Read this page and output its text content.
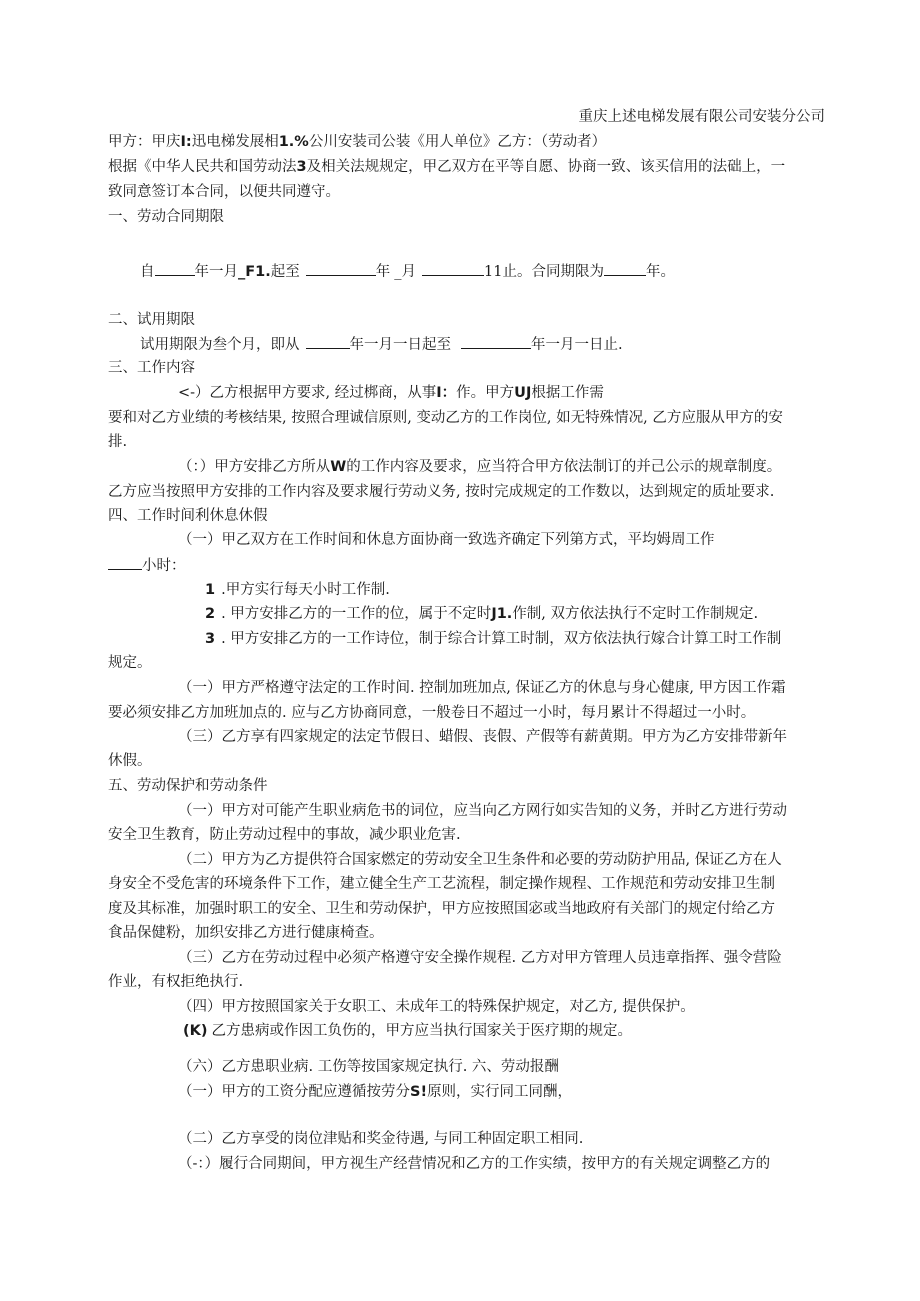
重庆上述电梯发展有限公司安装分公司
甲方：甲庆I:迅电梯发展相1.%公川安装司公装《用人单位》乙方：（劳动者）
根据《中华人民共和国劳动法3及相关法规规定，甲乙双方在平等自愿、协商一致、该买信用的法础上，一
致同意签订本合同，以便共同遵守。
一、劳动合同期限
自	年一月_F1.起至	年 _月	11止。合同期限为	年。
二、试用期限
试用期限为叁个月，即从	年一月一日起至	年一月一日止.
三、工作内容
<-）乙方根据甲方要求, 经过梆商，从事I：作。甲方UJ根据工作需
要和对乙方业绩的考核结果, 按照合理诚信原则, 变动乙方的工作岗位, 如无特殊情况, 乙方应服从甲方的安
排.
（：）甲方安排乙方所从W的工作内容及要求，应当符合甲方依法制订的并己公示的规章制度。
乙方应当按照甲方安排的工作内容及要求履行劳动义务, 按时完成规定的工作数以，达到规定的质址要求.
四、工作时间利休息休假
（一）甲乙双方在工作时间和休息方面协商一致选齐确定下列第方式，平均姆周工作
小时：
1 .甲方实行每天小时工作制.
2 . 甲方安排乙方的一工作的位，属于不定时J1.作制, 双方依法执行不定时工作制规定.
3 . 甲方安排乙方的一工作诗位，制于综合计算工时制，双方依法执行嫁合计算工时工作制
规定。
（一）甲方严格遵守法定的工作时间. 控制加班加点, 保证乙方的休息与身心健康, 甲方因工作霜
要必须安排乙方加班加点的. 应与乙方协商同意，一般卷日不超过一小时，每月累计不得超过一小时。
（三）乙方享有四家规定的法定节假日、蜡假、丧假、产假等有薪黄期。甲方为乙方安排带新年
休假。
五、劳动保护和劳动条件
（一）甲方对可能产生职业病危书的词位，应当向乙方网行如实告知的义务，并时乙方进行劳动
安全卫生教育，防止劳动过程中的事故，减少职业危害.
（二）甲方为乙方提供符合国家燃定的劳动安全卫生条件和必要的劳动防护用品, 保证乙方在人
身安全不受危害的环境条件下工作，建立健全生产工艺流程，制定操作规程、工作规范和劳动安排卫生制
度及其标准，加强时职工的安全、卫生和劳动保护，甲方应按照国宓或当地政府有关部门的规定付给乙方
食品保健粉，加织安排乙方进行健康椅查。
（三）乙方在劳动过程中必须产格遵守安全操作规程. 乙方对甲方管理人员违章指挥、强令营险
作业，有权拒绝执行.
（四）甲方按照国家关于女职工、未成年工的特殊保护规定，对乙方, 提供保护。
(K) 乙方患病或作因工负伤的，甲方应当执行国家关于医疗期的规定。
（六）乙方患职业病. 工伤等按国家规定执行. 六、劳动报酬
（一）甲方的工资分配应遵循按劳分S!原则，实行同工同酬，
（二）乙方享受的岗位津贴和奖金待遇, 与同工种固定职工相同.
（-：）履行合同期间，甲方视生产经营情况和乙方的工作实绩，按甲方的有关规定调整乙方的
